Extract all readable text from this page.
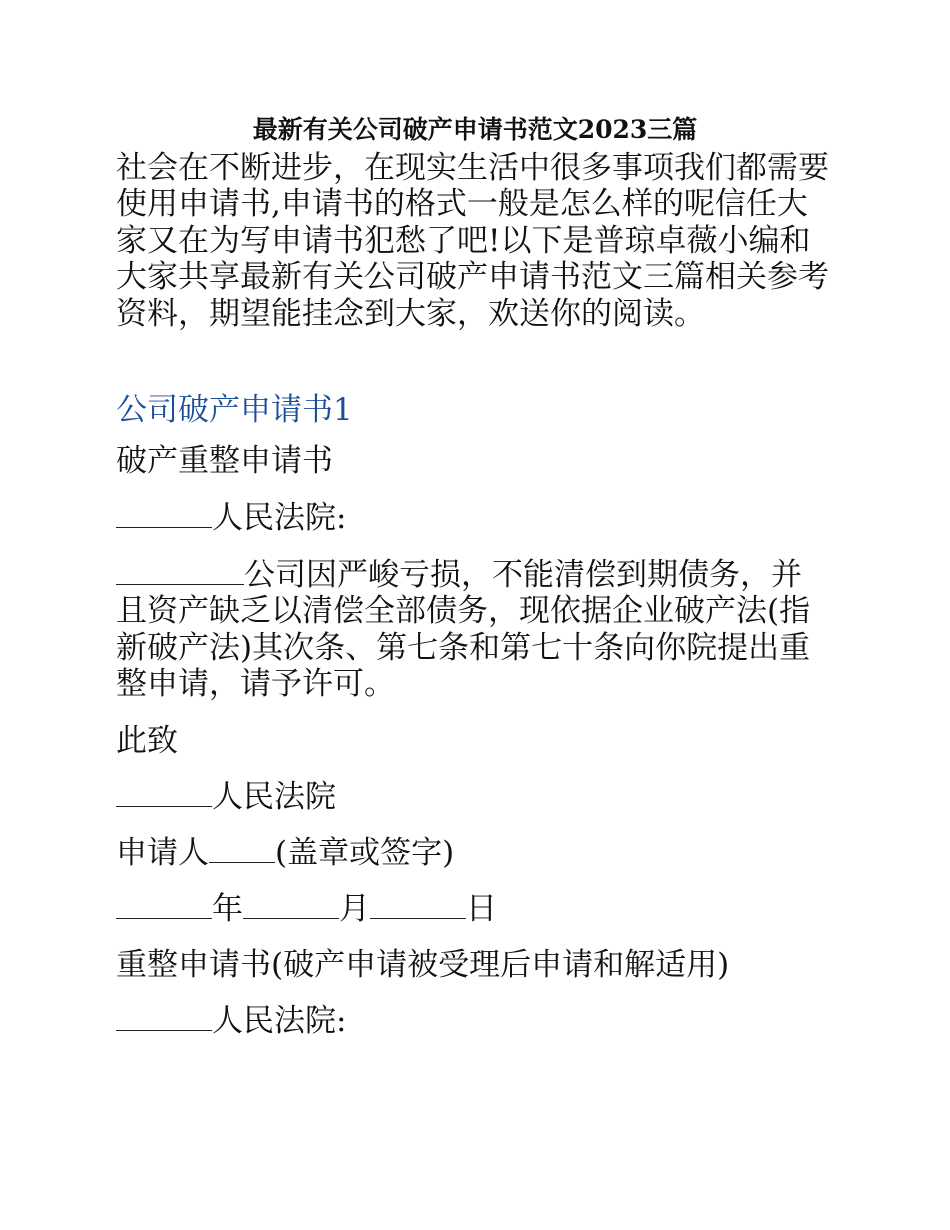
最新有关公司破产申请书范文2023三篇

社会在不断进步，在现实生活中很多事项我们都需要使用申请书,申请书的格式一般是怎么样的呢信任大家又在为写申请书犯愁了吧!以下是普琼卓薇小编和大家共享最新有关公司破产申请书范文三篇相关参考资料，期望能挂念到大家，欢送你的阅读。

公司破产申请书1

破产重整申请书

人民法院:

公司因严峻亏损，不能清偿到期债务，并且资产缺乏以清偿全部债务，现依据企业破产法(指新破产法)其次条、第七条和第七十条向你院提出重整申请，请予许可。

此致

人民法院

申请人 (盖章或签字)

年	月	日

重整申请书(破产申请被受理后申请和解适用)

人民法院:
